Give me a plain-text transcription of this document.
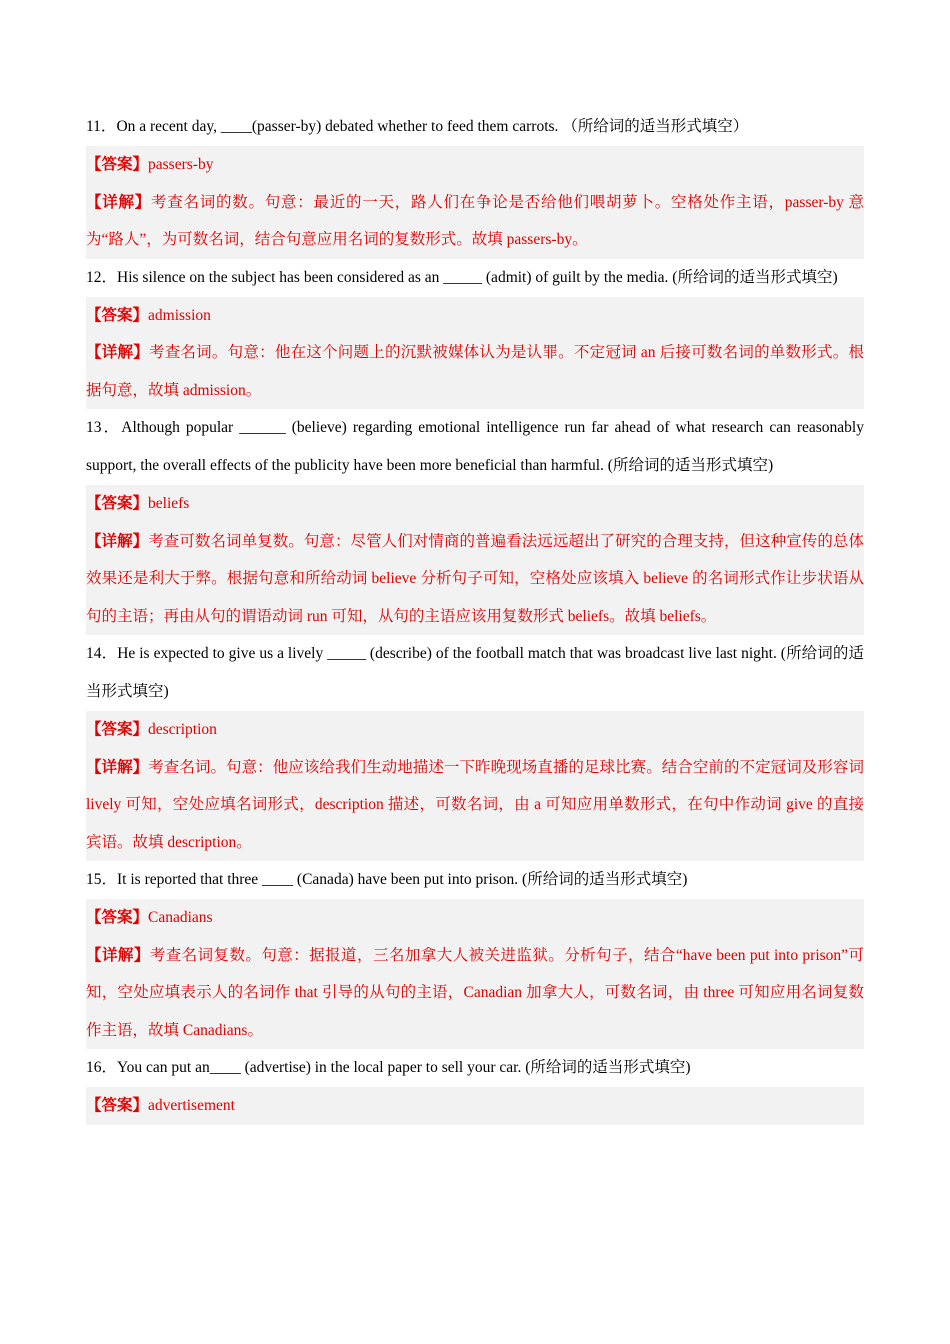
11．On a recent day, ____(passer-by) debated whether to feed them carrots. （所给词的适当形式填空）

【答案】passers-by

【详解】考查名词的数。句意：最近的一天，路人们在争论是否给他们喂胡萝卜。空格处作主语，passer-by 意为“路人”，为可数名词，结合句意应用名词的复数形式。故填 passers-by。

12．His silence on the subject has been considered as an _____ (admit) of guilt by the media. (所给词的适当形式填空)

【答案】admission

【详解】考查名词。句意：他在这个问题上的沉默被媒体认为是认罪。不定冠词 an 后接可数名词的单数形式。根据句意，故填 admission。

13．Although popular ______ (believe) regarding emotional intelligence run far ahead of what research can reasonably support, the overall effects of the publicity have been more beneficial than harmful. (所给词的适当形式填空)

【答案】beliefs

【详解】考查可数名词单复数。句意：尽管人们对情商的普遍看法远远超出了研究的合理支持，但这种宣传的总体效果还是利大于弊。根据句意和所给动词 believe 分析句子可知，空格处应该填入 believe 的名词形式作让步状语从句的主语；再由从句的谓语动词 run 可知，从句的主语应该用复数形式 beliefs。故填 beliefs。

14．He is expected to give us a lively _____ (describe) of the football match that was broadcast live last night. (所给词的适当形式填空)

【答案】description

【详解】考查名词。句意：他应该给我们生动地描述一下昨晚现场直播的足球比赛。结合空前的不定冠词及形容词 lively 可知，空处应填名词形式，description 描述，可数名词，由 a 可知应用单数形式，在句中作动词 give 的直接宾语。故填 description。

15．It is reported that three ____ (Canada) have been put into prison. (所给词的适当形式填空)

【答案】Canadians

【详解】考查名词复数。句意：据报道，三名加拿大人被关进监狱。分析句子，结合“have been put into prison”可知，空处应填表示人的名词作 that 引导的从句的主语，Canadian 加拿大人，可数名词，由 three 可知应用名词复数作主语，故填 Canadians。

16．You can put an____ (advertise) in the local paper to sell your car. (所给词的适当形式填空)

【答案】advertisement
